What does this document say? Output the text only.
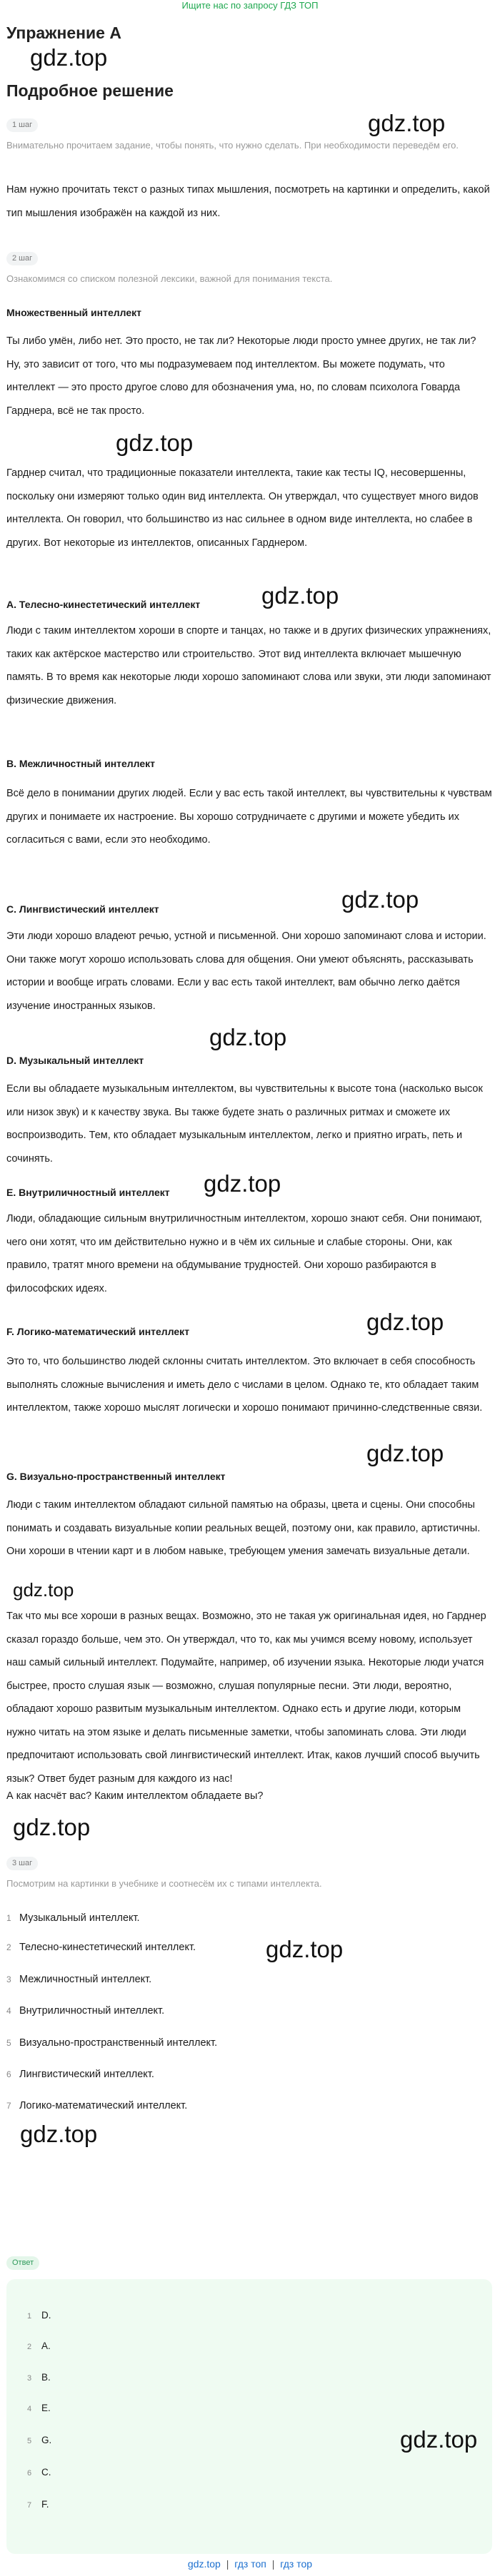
Ищите нас по запросу ГДЗ ТОП
Упражнение А
gdz.top
Подробное решение
1 шаг	gdz.top
Внимательно прочитаем задание, чтобы понять, что нужно сделать. При необходимости переведём его.
Нам нужно прочитать текст о разных типах мышления, посмотреть на картинки и определить, какой тип мышления изображён на каждой из них.
2 шаг
Ознакомимся со списком полезной лексики, важной для понимания текста.
Множественный интеллект
Ты либо умён, либо нет. Это просто, не так ли? Некоторые люди просто умнее других, не так ли? Ну, это зависит от того, что мы подразумеваем под интеллектом. Вы можете подумать, что интеллект — это просто другое слово для обозначения ума, но, по словам психолога Говарда Гарднера, всё не так просто.
gdz.top
Гарднер считал, что традиционные показатели интеллекта, такие как тесты IQ, несовершенны, поскольку они измеряют только один вид интеллекта. Он утверждал, что существует много видов интеллекта. Он говорил, что большинство из нас сильнее в одном виде интеллекта, но слабее в других. Вот некоторые из интеллектов, описанных Гарднером.
gdz.top
A. Телесно-кинестетический интеллект
Люди с таким интеллектом хороши в спорте и танцах, но также и в других физических упражнениях, таких как актёрское мастерство или строительство. Этот вид интеллекта включает мышечную память. В то время как некоторые люди хорошо запоминают слова или звуки, эти люди запоминают физические движения.
B. Межличностный интеллект
Всё дело в понимании других людей. Если у вас есть такой интеллект, вы чувствительны к чувствам других и понимаете их настроение. Вы хорошо сотрудничаете с другими и можете убедить их согласиться с вами, если это необходимо.
gdz.top
C. Лингвистический интеллект
Эти люди хорошо владеют речью, устной и письменной. Они хорошо запоминают слова и истории. Они также могут хорошо использовать слова для общения. Они умеют объяснять, рассказывать истории и вообще играть словами. Если у вас есть такой интеллект, вам обычно легко даётся изучение иностранных языков.
gdz.top
D. Музыкальный интеллект
Если вы обладаете музыкальным интеллектом, вы чувствительны к высоте тона (насколько высок или низок звук) и к качеству звука. Вы также будете знать о различных ритмах и сможете их воспроизводить. Тем, кто обладает музыкальным интеллектом, легко и приятно играть, петь и сочинять.
gdz.top
E. Внутриличностный интеллект
Люди, обладающие сильным внутриличностным интеллектом, хорошо знают себя. Они понимают, чего они хотят, что им действительно нужно и в чём их сильные и слабые стороны. Они, как правило, тратят много времени на обдумывание трудностей. Они хорошо разбираются в философских идеях.
gdz.top
F. Логико-математический интеллект
Это то, что большинство людей склонны считать интеллектом. Это включает в себя способность выполнять сложные вычисления и иметь дело с числами в целом. Однако те, кто обладает таким интеллектом, также хорошо мыслят логически и хорошо понимают причинно-следственные связи.
gdz.top
G. Визуально-пространственный интеллект
Люди с таким интеллектом обладают сильной памятью на образы, цвета и сцены. Они способны понимать и создавать визуальные копии реальных вещей, поэтому они, как правило, артистичны. Они хороши в чтении карт и в любом навыке, требующем умения замечать визуальные детали.
gdz.top
Так что мы все хороши в разных вещах. Возможно, это не такая уж оригинальная идея, но Гарднер сказал гораздо больше, чем это. Он утверждал, что то, как мы учимся всему новому, использует наш самый сильный интеллект. Подумайте, например, об изучении языка. Некоторые люди учатся быстрее, просто слушая язык — возможно, слушая популярные песни. Эти люди, вероятно, обладают хорошо развитым музыкальным интеллектом. Однако есть и другие люди, которым нужно читать на этом языке и делать письменные заметки, чтобы запоминать слова. Эти люди предпочитают использовать свой лингвистический интеллект. Итак, каков лучший способ выучить язык? Ответ будет разным для каждого из нас!
А как насчёт вас? Каким интеллектом обладаете вы?
gdz.top
3 шаг
Посмотрим на картинки в учебнике и соотнесём их с типами интеллекта.
1 Музыкальный интеллект.
2 Телесно-кинестетический интеллект.	gdz.top
3 Межличностный интеллект.
4 Внутриличностный интеллект.
5 Визуально-пространственный интеллект.
6 Лингвистический интеллект.
7 Логико-математический интеллект.
gdz.top
Ответ
1 D.
2 A.
3 B.
4 E.
5 G.
6 C.
7 F.
gdz.top
gdz.top | гдз топ | гдз тор
